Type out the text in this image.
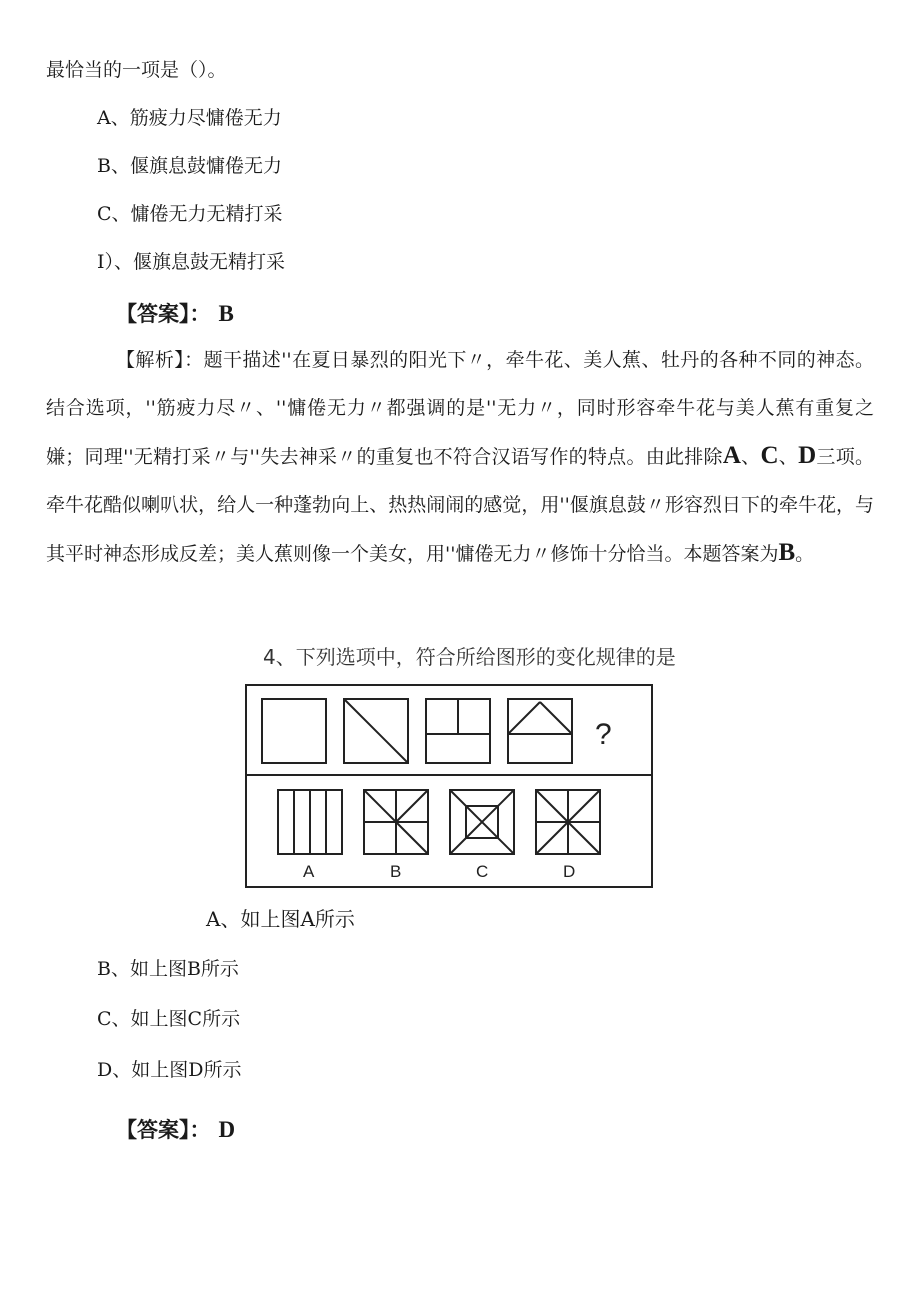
最恰当的一项是（）。
A、筋疲力尽慵倦无力
B、偃旗息鼓慵倦无力
C、慵倦无力无精打采
I）、偃旗息鼓无精打采
【答案】： B
【解析】：题干描述''在夏日暴烈的阳光下〃，牵牛花、美人蕉、牡丹的各种不同的神态。结合选项，''筋疲力尽〃、''慵倦无力〃都强调的是''无力〃，同时形容牵牛花与美人蕉有重复之嫌；同理''无精打采〃与''失去神采〃的重复也不符合汉语写作的特点。由此排除A、C、D三项。牵牛花酷似喇叭状，给人一种蓬勃向上、热热闹闹的感觉，用''偃旗息鼓〃形容烈日下的牵牛花，与其平时神态形成反差；美人蕉则像一个美女，用''慵倦无力〃修饰十分恰当。本题答案为B。
4、下列选项中，符合所给图形的变化规律的是
?
A	B	C	D
A、如上图A所示
B、如上图B所示
C、如上图C所示
D、如上图D所示
【答案】： D
